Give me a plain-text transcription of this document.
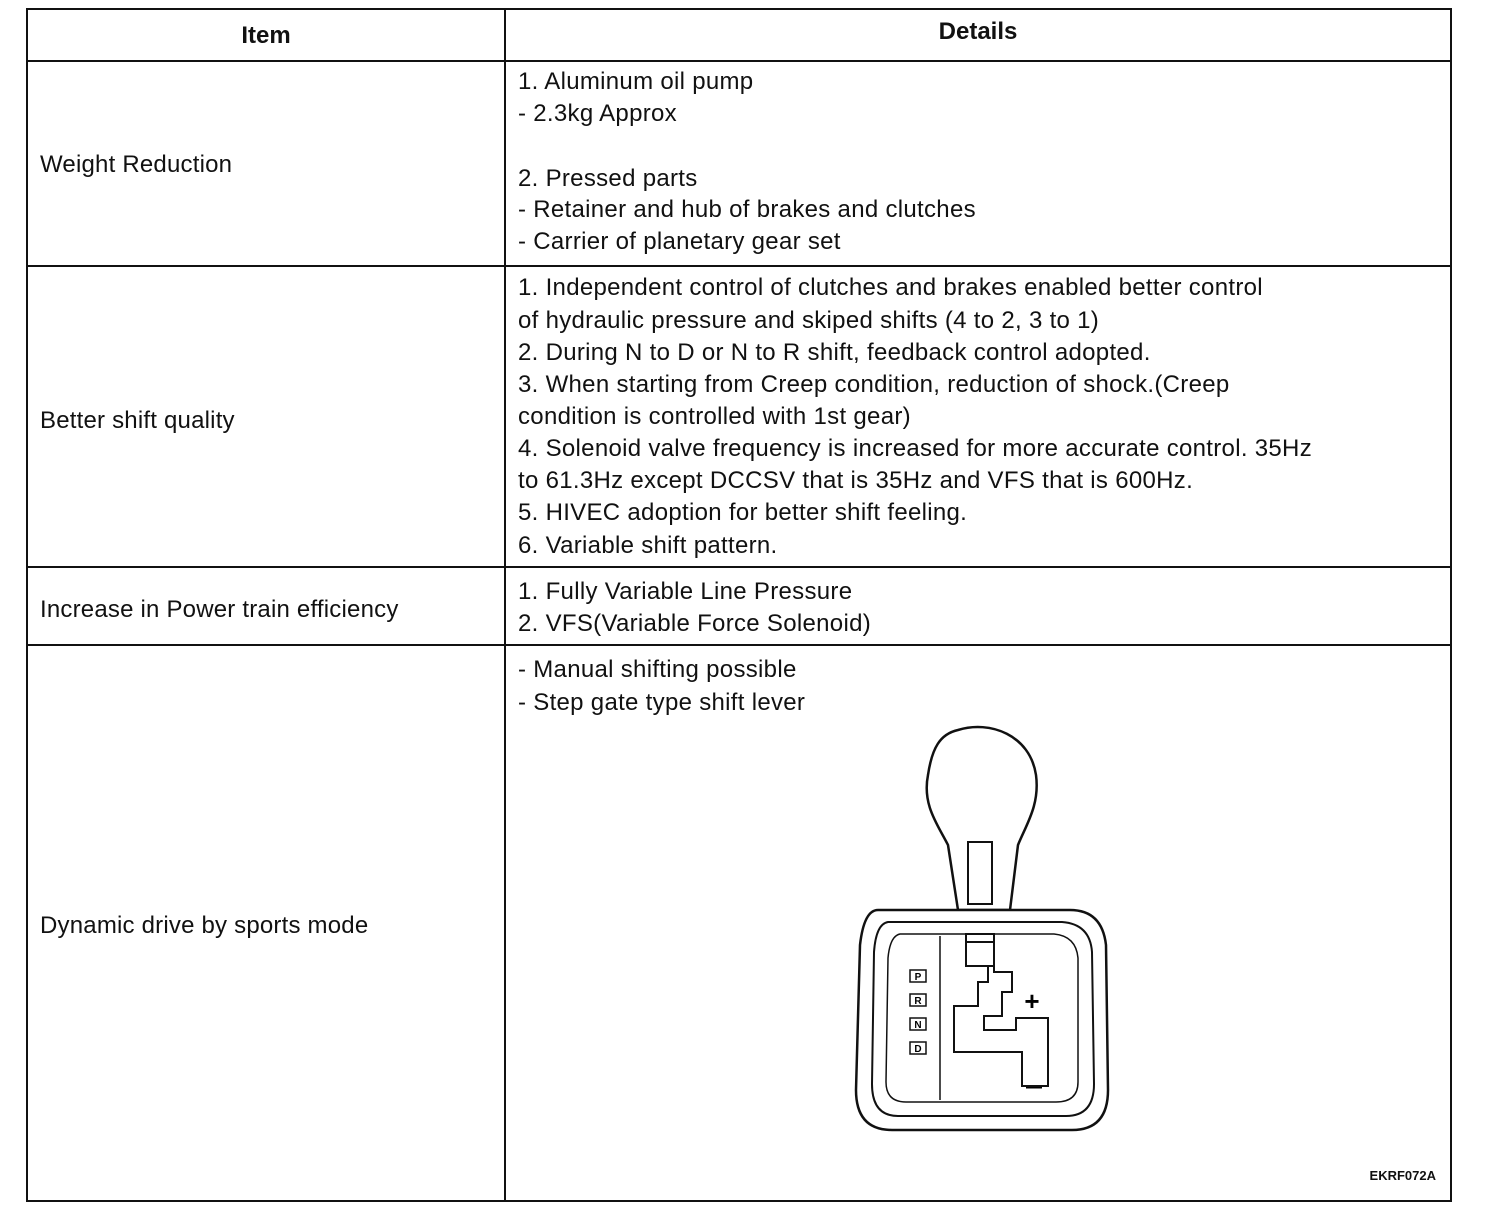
Item	Details
Weight Reduction
1. Aluminum oil pump
- 2.3kg Approx
2. Pressed parts
- Retainer and hub of brakes and clutches
- Carrier of planetary gear set
Better shift quality
1. Independent control of clutches and brakes enabled better control
of hydraulic pressure and skiped shifts (4 to 2, 3 to 1)
2. During N to D or N to R shift, feedback control adopted.
3. When starting from Creep condition, reduction of shock.(Creep
condition is controlled with 1st gear)
4. Solenoid valve frequency is increased for more accurate control. 35Hz
to 61.3Hz except DCCSV that is 35Hz and VFS that is 600Hz.
5. HIVEC adoption for better shift feeling.
6. Variable shift pattern.
Increase in Power train efficiency
1. Fully Variable Line Pressure
2. VFS(Variable Force Solenoid)
Dynamic drive by sports mode
- Manual shifting possible
- Step gate type shift lever
P
R
N
D
+
—
EKRF072A
